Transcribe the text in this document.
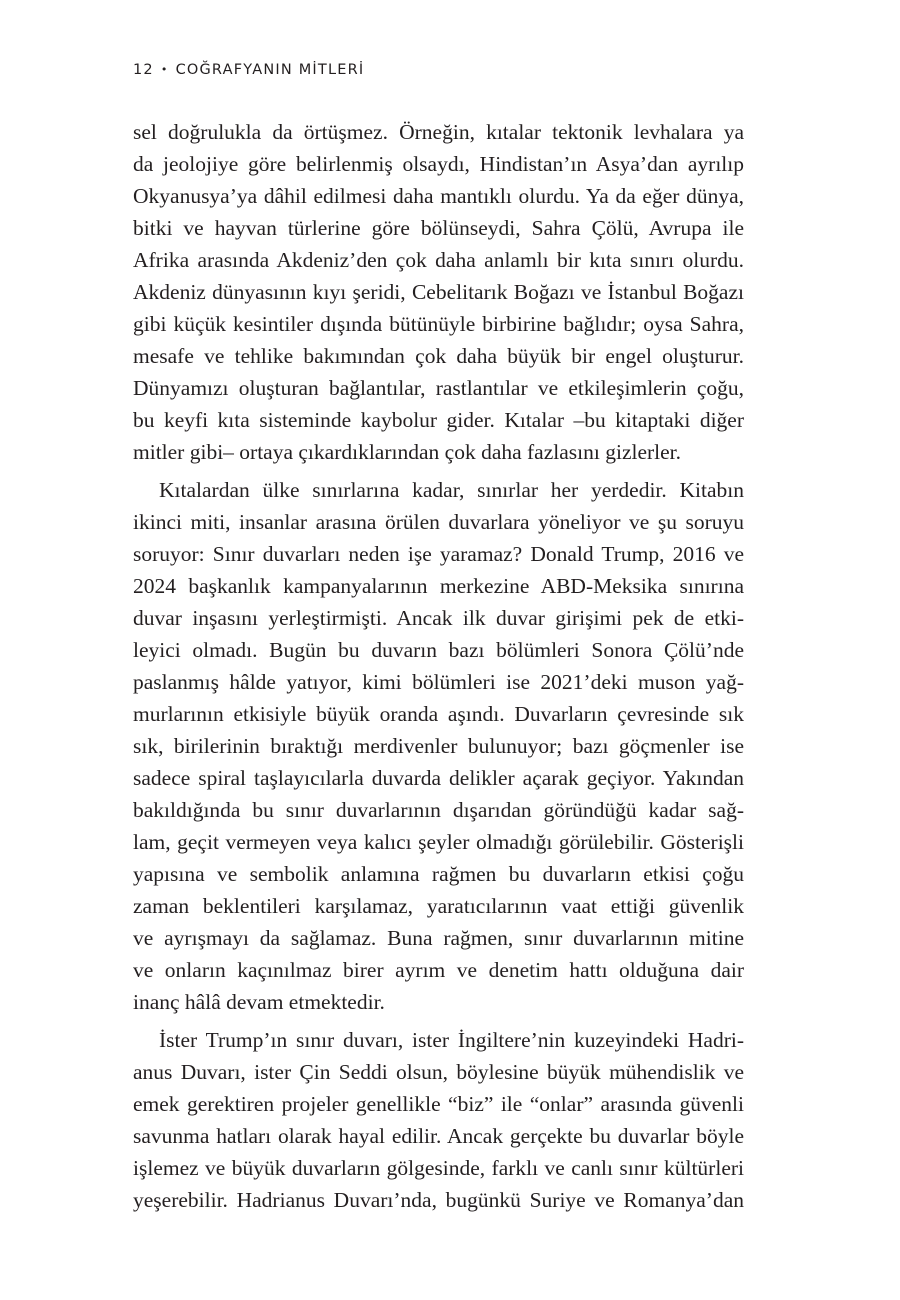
12 • COĞRAFYANIN MİTLERİ
sel doğrulukla da örtüşmez. Örneğin, kıtalar tektonik levhalara ya
da jeolojiye göre belirlenmiş olsaydı, Hindistan’ın Asya’dan ayrılıp
Okyanusya’ya dâhil edilmesi daha mantıklı olurdu. Ya da eğer dünya,
bitki ve hayvan türlerine göre bölünseydi, Sahra Çölü, Avrupa ile
Afrika arasında Akdeniz’den çok daha anlamlı bir kıta sınırı olurdu.
Akdeniz dünyasının kıyı şeridi, Cebelitarık Boğazı ve İstanbul Boğazı
gibi küçük kesintiler dışında bütünüyle birbirine bağlıdır; oysa Sahra,
mesafe ve tehlike bakımından çok daha büyük bir engel oluşturur.
Dünyamızı oluşturan bağlantılar, rastlantılar ve etkileşimlerin çoğu,
bu keyfi kıta sisteminde kaybolur gider. Kıtalar –bu kitaptaki diğer
mitler gibi– ortaya çıkardıklarından çok daha fazlasını gizlerler.
Kıtalardan ülke sınırlarına kadar, sınırlar her yerdedir. Kitabın
ikinci miti, insanlar arasına örülen duvarlara yöneliyor ve şu soruyu
soruyor: Sınır duvarları neden işe yaramaz? Donald Trump, 2016 ve
2024 başkanlık kampanyalarının merkezine ABD-Meksika sınırına
duvar inşasını yerleştirmişti. Ancak ilk duvar girişimi pek de etki-
leyici olmadı. Bugün bu duvarın bazı bölümleri Sonora Çölü’nde
paslanmış hâlde yatıyor, kimi bölümleri ise 2021’deki muson yağ-
murlarının etkisiyle büyük oranda aşındı. Duvarların çevresinde sık
sık, birilerinin bıraktığı merdivenler bulunuyor; bazı göçmenler ise
sadece spiral taşlayıcılarla duvarda delikler açarak geçiyor. Yakından
bakıldığında bu sınır duvarlarının dışarıdan göründüğü kadar sağ-
lam, geçit vermeyen veya kalıcı şeyler olmadığı görülebilir. Gösterişli
yapısına ve sembolik anlamına rağmen bu duvarların etkisi çoğu
zaman beklentileri karşılamaz, yaratıcılarının vaat ettiği güvenlik
ve ayrışmayı da sağlamaz. Buna rağmen, sınır duvarlarının mitine
ve onların kaçınılmaz birer ayrım ve denetim hattı olduğuna dair
inanç hâlâ devam etmektedir.
İster Trump’ın sınır duvarı, ister İngiltere’nin kuzeyindeki Hadri-
anus Duvarı, ister Çin Seddi olsun, böylesine büyük mühendislik ve
emek gerektiren projeler genellikle “biz” ile “onlar” arasında güvenli
savunma hatları olarak hayal edilir. Ancak gerçekte bu duvarlar böyle
işlemez ve büyük duvarların gölgesinde, farklı ve canlı sınır kültürleri
yeşerebilir. Hadrianus Duvarı’nda, bugünkü Suriye ve Romanya’dan
